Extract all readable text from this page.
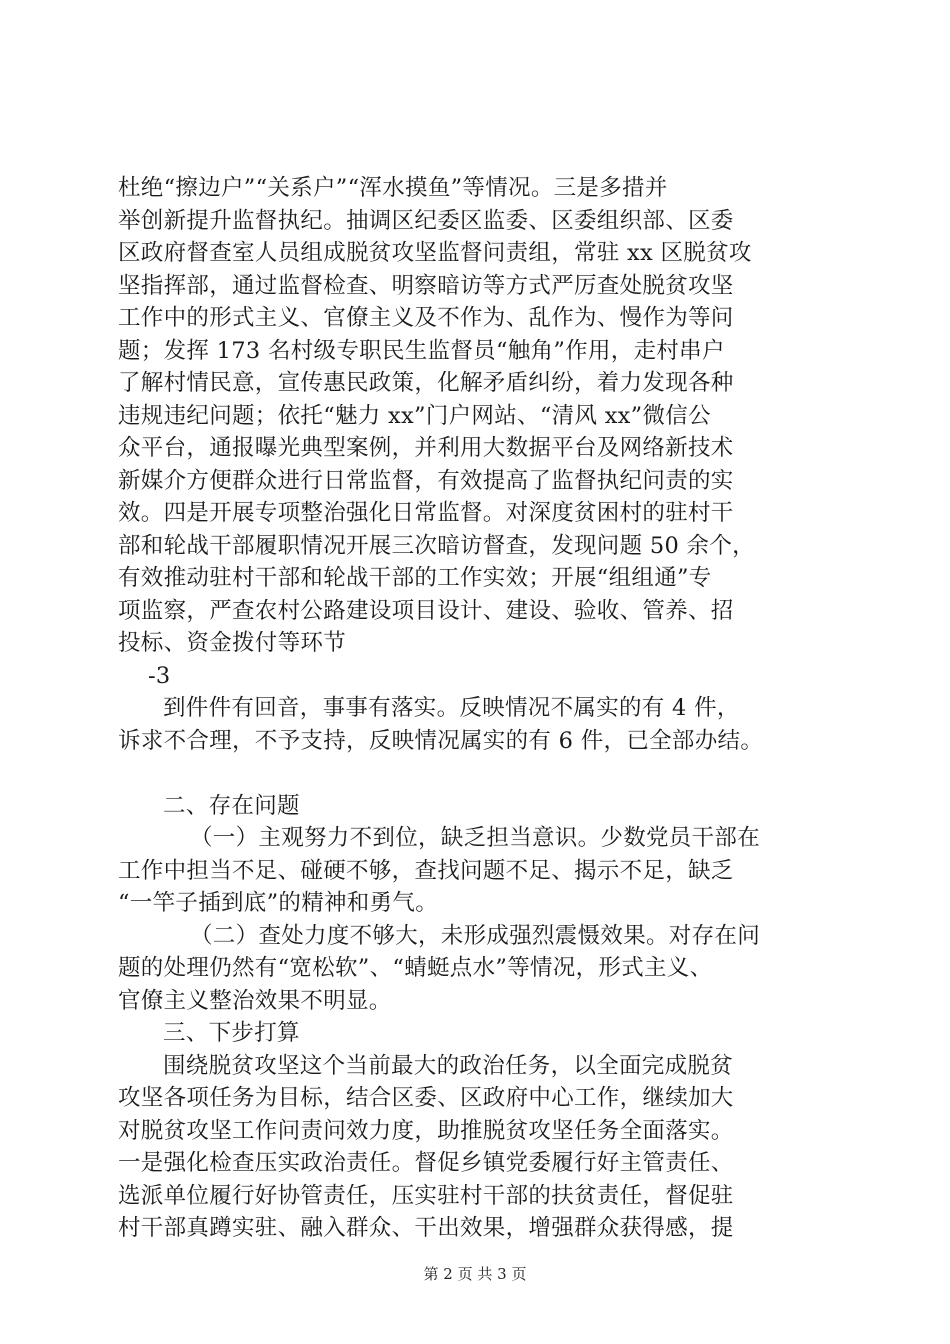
杜绝“擦边户”“关系户”“浑水摸鱼”等情况。三是多措并
举创新提升监督执纪。抽调区纪委区监委、区委组织部、区委
区政府督查室人员组成脱贫攻坚监督问责组，常驻 xx 区脱贫攻
坚指挥部，通过监督检查、明察暗访等方式严厉查处脱贫攻坚
工作中的形式主义、官僚主义及不作为、乱作为、慢作为等问
题；发挥 173 名村级专职民生监督员“触角”作用，走村串户
了解村情民意，宣传惠民政策，化解矛盾纠纷，着力发现各种
违规违纪问题；依托“魅力 xx”门户网站、“清风 xx”微信公
众平台，通报曝光典型案例，并利用大数据平台及网络新技术
新媒介方便群众进行日常监督，有效提高了监督执纪问责的实
效。四是开展专项整治强化日常监督。对深度贫困村的驻村干
部和轮战干部履职情况开展三次暗访督查，发现问题 50 余个，
有效推动驻村干部和轮战干部的工作实效；开展“组组通”专
项监察，严查农村公路建设项目设计、建设、验收、管养、招
投标、资金拨付等环节
-3
到件件有回音，事事有落实。反映情况不属实的有 4 件，
诉求不合理，不予支持，反映情况属实的有 6 件，已全部办结。
二、存在问题
（一）主观努力不到位，缺乏担当意识。少数党员干部在
工作中担当不足、碰硬不够，查找问题不足、揭示不足，缺乏
“一竿子插到底”的精神和勇气。
（二）查处力度不够大，未形成强烈震慑效果。对存在问
题的处理仍然有“宽松软”、“蜻蜓点水”等情况，形式主义、
官僚主义整治效果不明显。
三、下步打算
围绕脱贫攻坚这个当前最大的政治任务，以全面完成脱贫
攻坚各项任务为目标，结合区委、区政府中心工作，继续加大
对脱贫攻坚工作问责问效力度，助推脱贫攻坚任务全面落实。
一是强化检查压实政治责任。督促乡镇党委履行好主管责任、
选派单位履行好协管责任，压实驻村干部的扶贫责任，督促驻
村干部真蹲实驻、融入群众、干出效果，增强群众获得感，提
第 2 页 共 3 页
